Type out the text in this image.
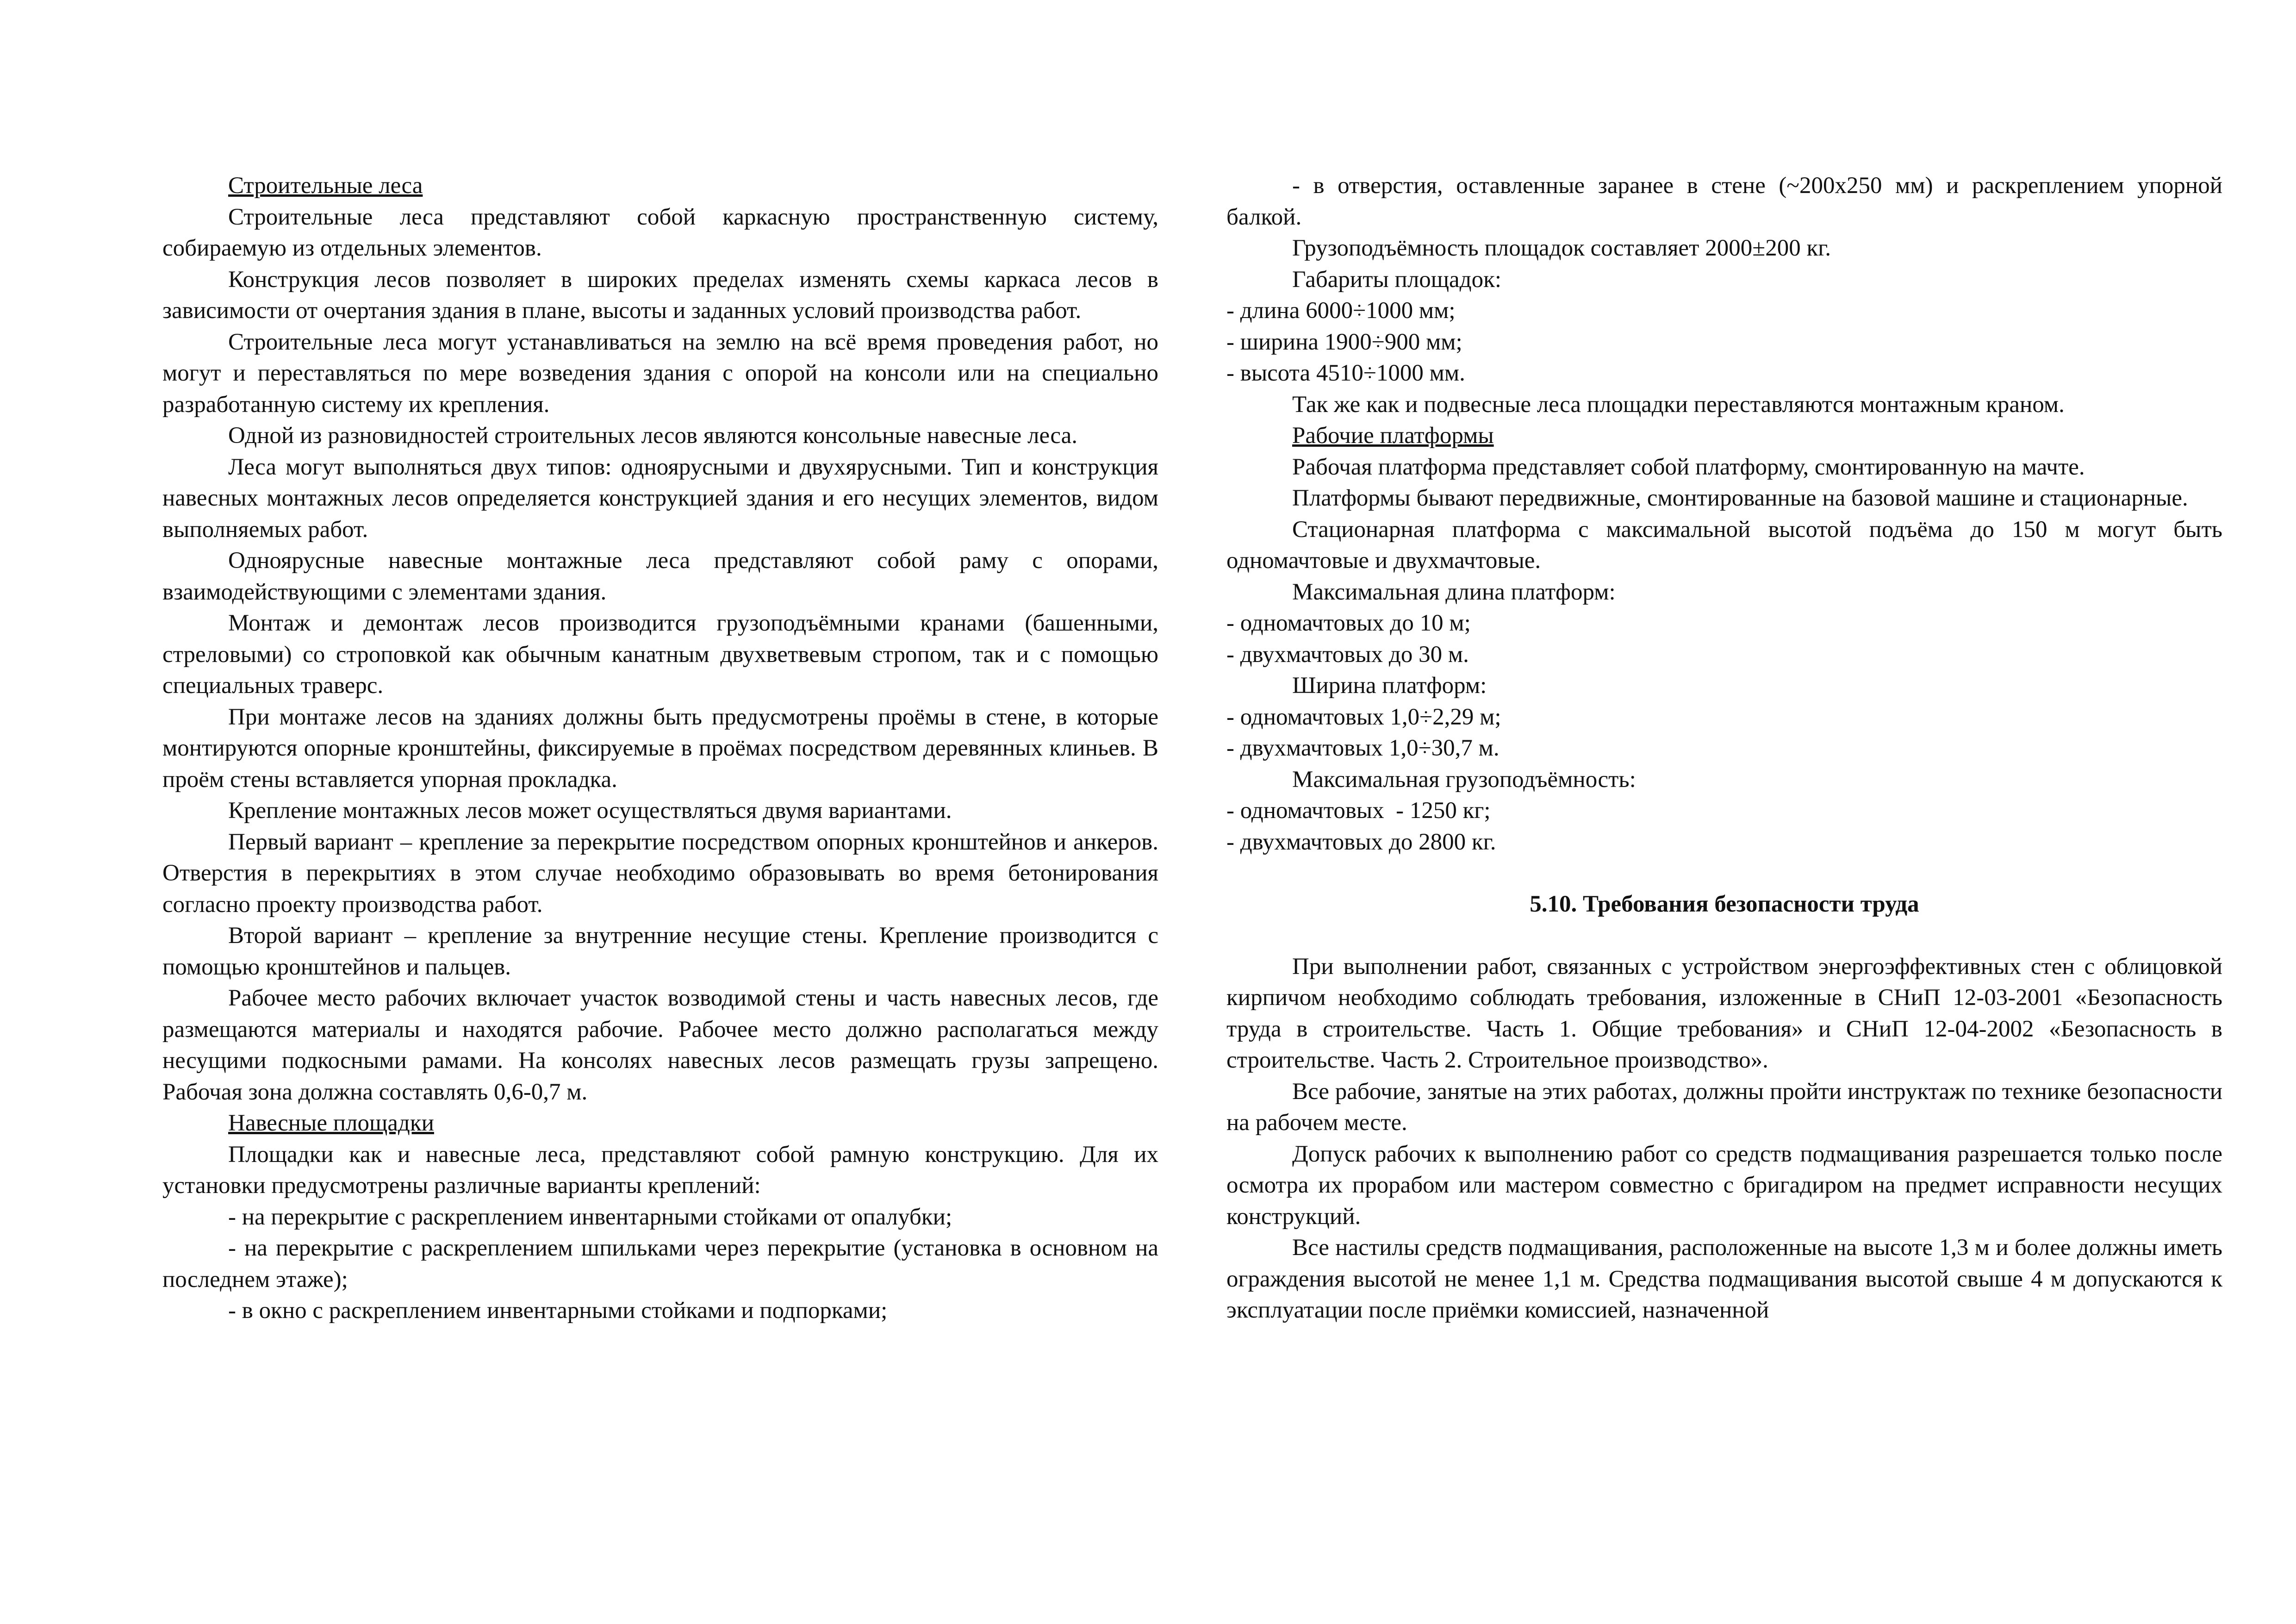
Строительные леса

Строительные леса представляют собой каркасную пространственную систему, собираемую из отдельных элементов.

Конструкция лесов позволяет в широких пределах изменять схемы каркаса лесов в зависимости от очертания здания в плане, высоты и заданных условий производства работ.

Строительные леса могут устанавливаться на землю на всё время проведения работ, но могут и переставляться по мере возведения здания с опорой на консоли или на специально разработанную систему их крепления.

Одной из разновидностей строительных лесов являются консольные навесные леса.

Леса могут выполняться двух типов: одноярусными и двухярусными. Тип и конструкция навесных монтажных лесов определяется конструкцией здания и его несущих элементов, видом выполняемых работ.

Одноярусные навесные монтажные леса представляют собой раму с опорами, взаимодействующими с элементами здания.

Монтаж и демонтаж лесов производится грузоподъёмными кранами (башенными, стреловыми) со строповкой как обычным канатным двухветвевым стропом, так и с помощью специальных траверс.

При монтаже лесов на зданиях должны быть предусмотрены проёмы в стене, в которые монтируются опорные кронштейны, фиксируемые в проёмах посредством деревянных клиньев. В проём стены вставляется упорная прокладка.

Крепление монтажных лесов может осуществляться двумя вариантами.

Первый вариант – крепление за перекрытие посредством опорных кронштейнов и анкеров. Отверстия в перекрытиях в этом случае необходимо образовывать во время бетонирования согласно проекту производства работ.

Второй вариант – крепление за внутренние несущие стены. Крепление производится с помощью кронштейнов и пальцев.

Рабочее место рабочих включает участок возводимой стены и часть навесных лесов, где размещаются материалы и находятся рабочие. Рабочее место должно располагаться между несущими подкосными рамами. На консолях навесных лесов размещать грузы запрещено. Рабочая зона должна составлять 0,6-0,7 м.

Навесные площадки

Площадки как и навесные леса, представляют собой рамную конструкцию. Для их установки предусмотрены различные варианты креплений:

- на перекрытие с раскреплением инвентарными стойками от опалубки;

- на перекрытие с раскреплением шпильками через перекрытие (установка в основном на последнем этаже);

- в окно с раскреплением инвентарными стойками и подпорками;

- в отверстия, оставленные заранее в стене (~200х250 мм) и раскреплением упорной балкой.

Грузоподъёмность площадок составляет 2000±200 кг.

Габариты площадок:

- длина 6000÷1000 мм;

- ширина 1900÷900 мм;

- высота 4510÷1000 мм.

Так же как и подвесные леса площадки переставляются монтажным краном.

Рабочие платформы

Рабочая платформа представляет собой платформу, смонтированную на мачте.

Платформы бывают передвижные, смонтированные на базовой машине и стационарные.

Стационарная платформа с максимальной высотой подъёма до 150 м могут быть одномачтовые и двухмачтовые.

Максимальная длина платформ:

- одномачтовых до 10 м;

- двухмачтовых до 30 м.

Ширина платформ:

- одномачтовых 1,0÷2,29 м;

- двухмачтовых 1,0÷30,7 м.

Максимальная грузоподъёмность:

- одномачтовых  - 1250 кг;

- двухмачтовых до 2800 кг.

5.10. Требования безопасности труда

При выполнении работ, связанных с устройством энергоэффективных стен с облицовкой кирпичом необходимо соблюдать требования, изложенные в СНиП 12-03-2001 «Безопасность труда в строительстве. Часть 1. Общие требования» и СНиП 12-04-2002 «Безопасность в строительстве. Часть 2. Строительное производство».

Все рабочие, занятые на этих работах, должны пройти инструктаж по технике безопасности на рабочем месте.

Допуск рабочих к выполнению работ со средств подмащивания разрешается только после осмотра их прорабом или мастером совместно с бригадиром на предмет исправности несущих конструкций.

Все настилы средств подмащивания, расположенные на высоте 1,3 м и более должны иметь ограждения высотой не менее 1,1 м. Средства подмащивания высотой свыше 4 м допускаются к эксплуатации после приёмки комиссией, назначенной
